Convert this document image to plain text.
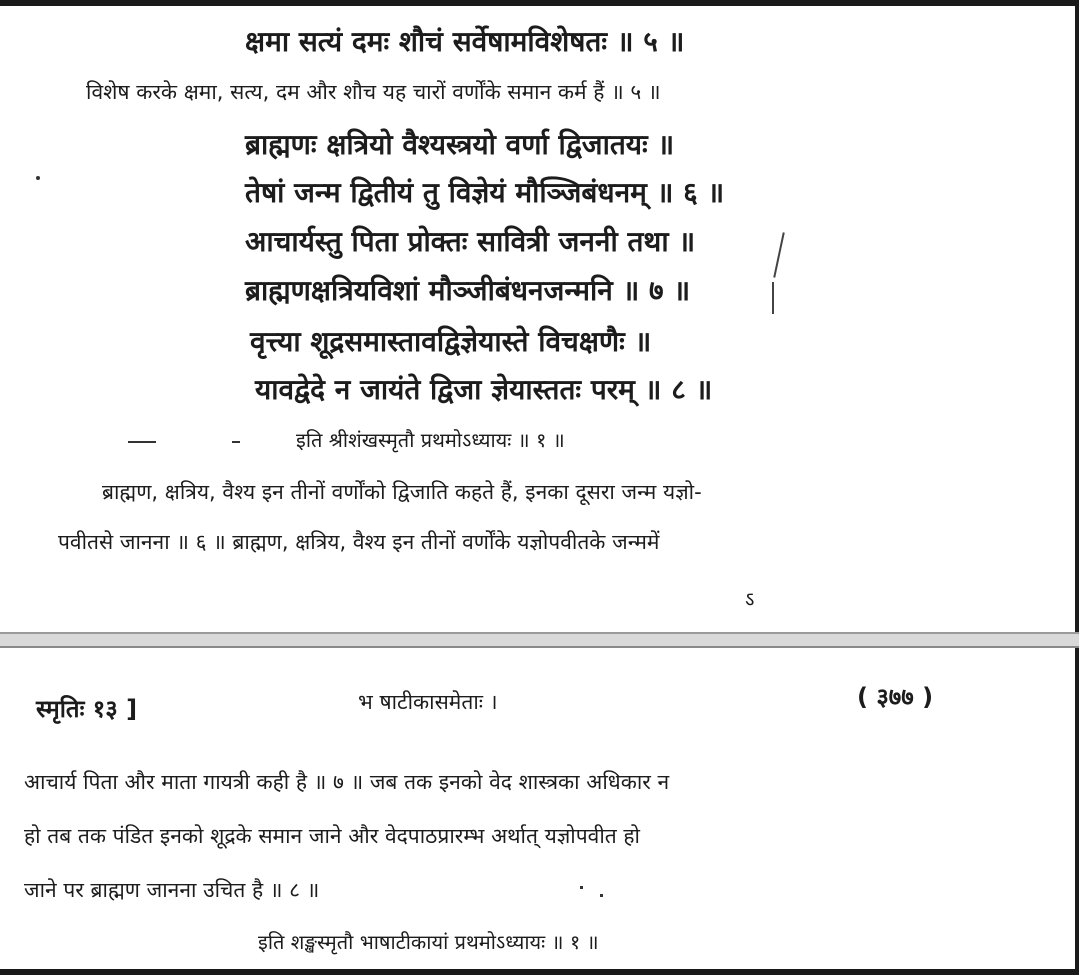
क्षमा सत्यं दमः शौचं सर्वेषामविशेषतः ॥ ५ ॥
विशेष करके क्षमा, सत्य, दम और शौच यह चारों वर्णोंके समान कर्म हैं ॥ ५ ॥
ब्राह्मणः क्षत्रियो वैश्यस्त्रयो वर्णा द्विजातयः ॥
तेषां जन्म द्वितीयं तु विज्ञेयं मौञ्जिबंधनम् ॥ ६ ॥
आचार्यस्तु पिता प्रोक्तः सावित्री जननी तथा ॥
ब्राह्मणक्षत्रियविशां मौञ्जीबंधनजन्मनि ॥ ७ ॥
वृत्त्या शूद्रसमास्तावद्विज्ञेयास्ते विचक्षणैः ॥
यावद्वेदे न जायंते द्विजा ज्ञेयास्ततः परम् ॥ ८ ॥
इति श्रीशंखस्मृतौ प्रथमोऽध्यायः ॥ १ ॥
ब्राह्मण, क्षत्रिय, वैश्य इन तीनों वर्णोंको द्विजाति कहते हैं, इनका दूसरा जन्म यज्ञो-
पवीतसे जानना ॥ ६ ॥ ब्राह्मण, क्षत्रिय, वैश्य इन तीनों वर्णोंके यज्ञोपवीतके जन्ममें
ऽ
स्मृतिः १३ ]	भ षाटीकासमेताः ।	( ३७७ )
आचार्य पिता और माता गायत्री कही है ॥ ७ ॥ जब तक इनको वेद शास्त्रका अधिकार न
हो तब तक पंडित इनको शूद्रके समान जाने और वेदपाठप्रारम्भ अर्थात् यज्ञोपवीत हो
जाने पर ब्राह्मण जानना उचित है ॥ ८ ॥
इति शङ्खस्मृतौ भाषाटीकायां प्रथमोऽध्यायः ॥ १ ॥
